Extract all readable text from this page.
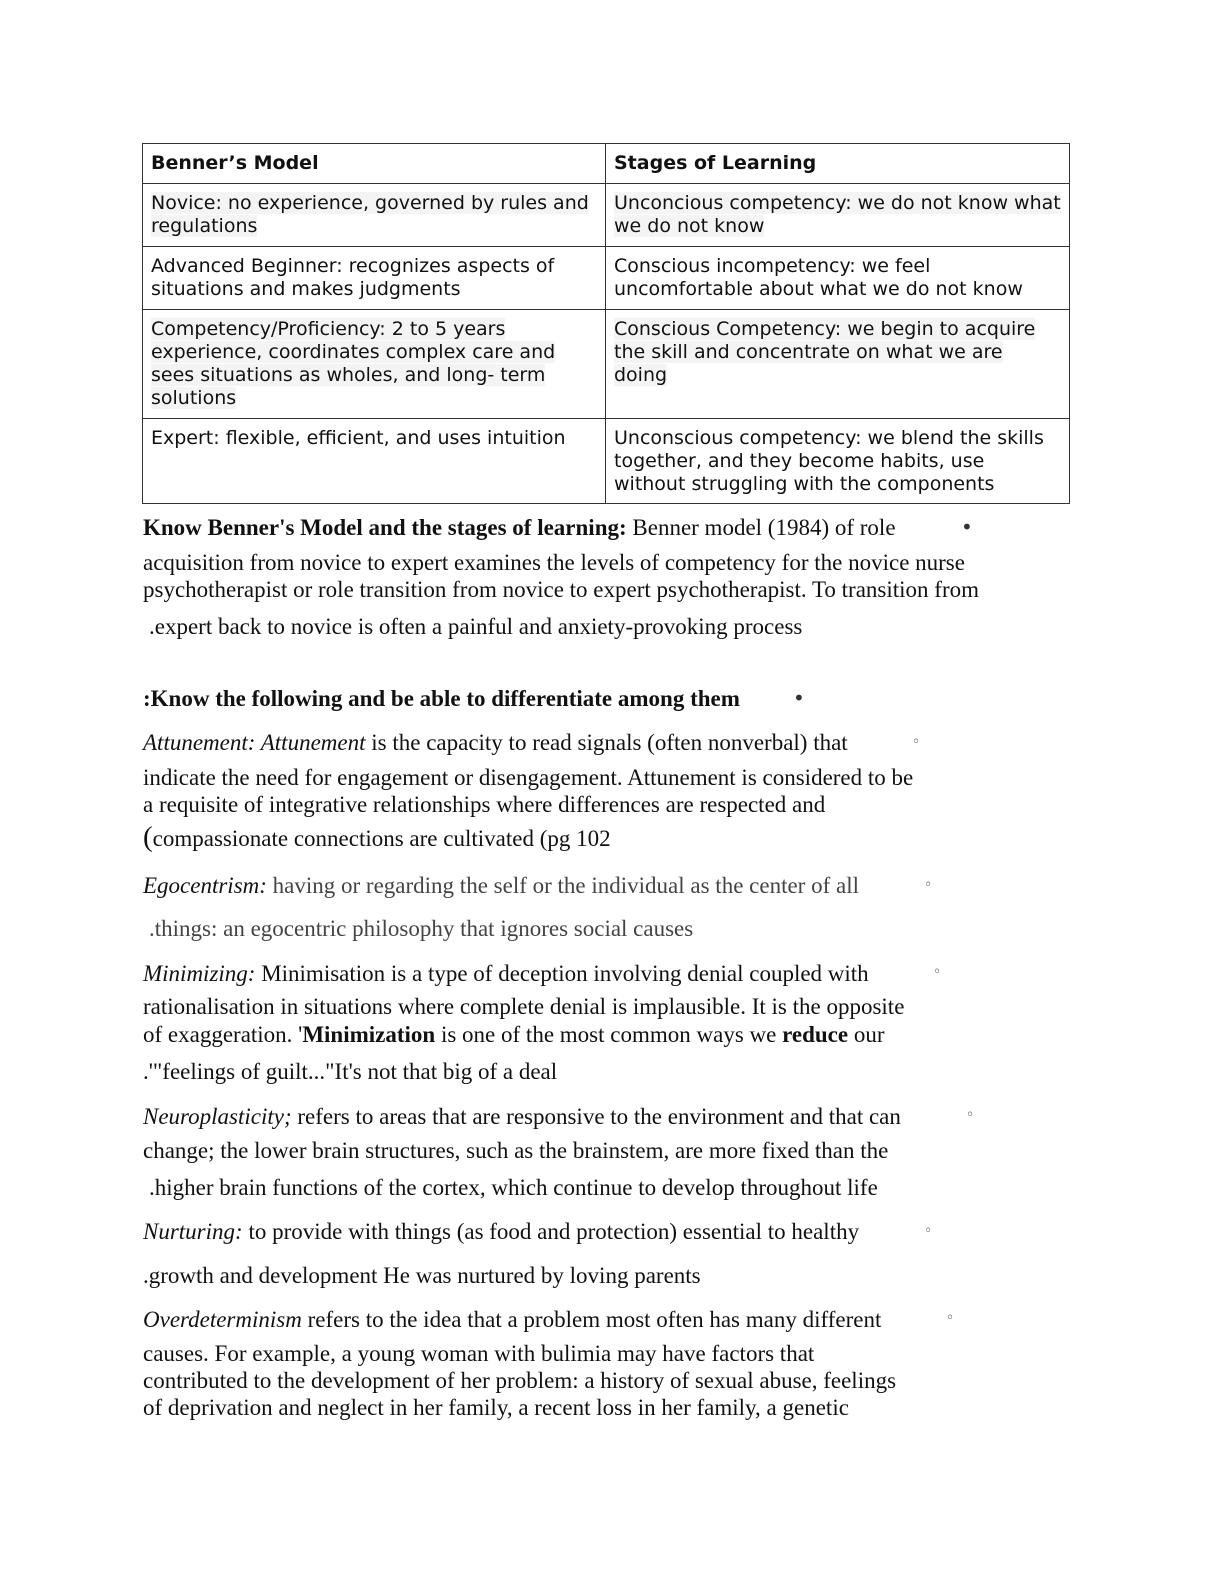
Benner’s Model	Stages of Learning
Novice: no experience, governed by rules and regulations	Unconcious competency: we do not know what we do not know
Advanced Beginner: recognizes aspects of situations and makes judgments	Conscious incompetency: we feel uncomfortable about what we do not know
Competency/Proficiency: 2 to 5 years experience, coordinates complex care and sees situations as wholes, and long- term solutions	Conscious Competency: we begin to acquire the skill and concentrate on what we are doing
Expert: flexible, efficient, and uses intuition	Unconscious competency: we blend the skills together, and they become habits, use without struggling with the components
Know Benner's Model and the stages of learning: Benner model (1984) of role
acquisition from novice to expert examines the levels of competency for the novice nurse
psychotherapist or role transition from novice to expert psychotherapist. To transition from
.expert back to novice is often a painful and anxiety-provoking process
•
:Know the following and be able to differentiate among them	•
Attunement: Attunement is the capacity to read signals (often nonverbal) that
indicate the need for engagement or disengagement. Attunement is considered to be
a requisite of integrative relationships where differences are respected and
(compassionate connections are cultivated (pg 102
◦
Egocentrism: having or regarding the self or the individual as the center of all
.things: an egocentric philosophy that ignores social causes
◦
Minimizing: Minimisation is a type of deception involving denial coupled with
rationalisation in situations where complete denial is implausible. It is the opposite
of exaggeration. 'Minimization is one of the most common ways we reduce our
.'"feelings of guilt..."It's not that big of a deal
◦
Neuroplasticity; refers to areas that are responsive to the environment and that can
change; the lower brain structures, such as the brainstem, are more fixed than the
.higher brain functions of the cortex, which continue to develop throughout life
◦
Nurturing: to provide with things (as food and protection) essential to healthy
.growth and development He was nurtured by loving parents
◦
Overdeterminism refers to the idea that a problem most often has many different
causes. For example, a young woman with bulimia may have factors that
contributed to the development of her problem: a history of sexual abuse, feelings
of deprivation and neglect in her family, a recent loss in her family, a genetic
◦
